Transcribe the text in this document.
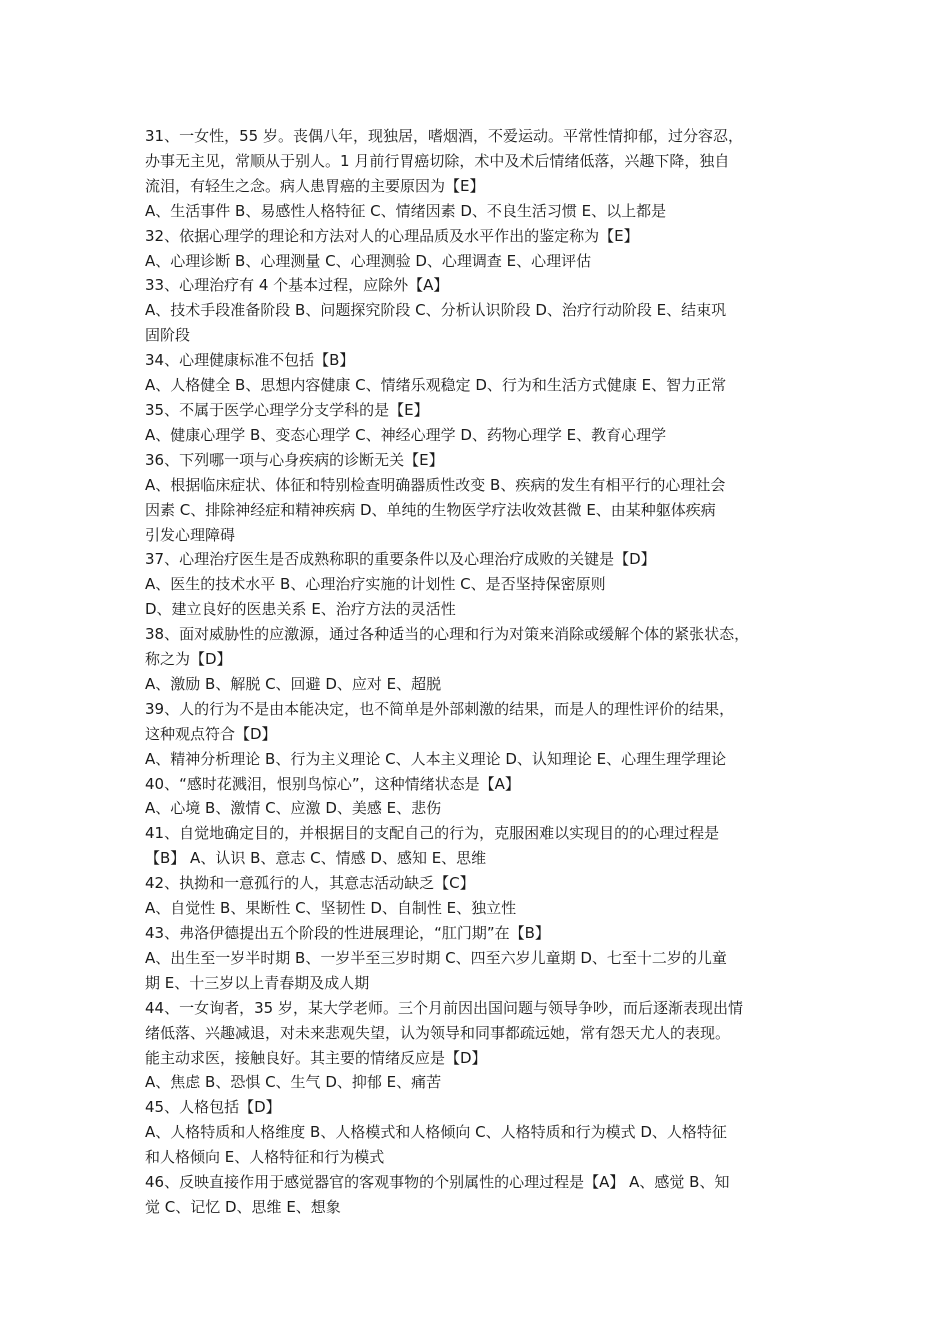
31、一女性，55 岁。丧偶八年，现独居，嗜烟酒，不爱运动。平常性情抑郁，过分容忍，

办事无主见，常顺从于别人。1 月前行胃癌切除，术中及术后情绪低落，兴趣下降，独自

流泪，有轻生之念。病人患胃癌的主要原因为【E】

A、生活事件 B、易感性人格特征 C、情绪因素 D、不良生活习惯 E、以上都是

32、依据心理学的理论和方法对人的心理品质及水平作出的鉴定称为【E】

A、心理诊断 B、心理测量 C、心理测验 D、心理调查 E、心理评估

33、心理治疗有 4 个基本过程，应除外【A】

A、技术手段准备阶段 B、问题探究阶段 C、分析认识阶段 D、治疗行动阶段 E、结束巩

固阶段

34、心理健康标准不包括【B】

A、人格健全 B、思想内容健康 C、情绪乐观稳定 D、行为和生活方式健康 E、智力正常

35、不属于医学心理学分支学科的是【E】

A、健康心理学 B、变态心理学 C、神经心理学 D、药物心理学 E、教育心理学

36、下列哪一项与心身疾病的诊断无关【E】

A、根据临床症状、体征和特别检查明确器质性改变 B、疾病的发生有相平行的心理社会

因素 C、排除神经症和精神疾病 D、单纯的生物医学疗法收效甚微 E、由某种躯体疾病

引发心理障碍

37、心理治疗医生是否成熟称职的重要条件以及心理治疗成败的关键是【D】

A、医生的技术水平 B、心理治疗实施的计划性 C、是否坚持保密原则

D、建立良好的医患关系 E、治疗方法的灵活性

38、面对威胁性的应激源，通过各种适当的心理和行为对策来消除或缓解个体的紧张状态，

称之为【D】

A、激励 B、解脱 C、回避 D、应对 E、超脱

39、人的行为不是由本能决定，也不简单是外部刺激的结果，而是人的理性评价的结果，

这种观点符合【D】

A、精神分析理论 B、行为主义理论 C、人本主义理论 D、认知理论 E、心理生理学理论

40、“感时花溅泪，恨别鸟惊心”，这种情绪状态是【A】

A、心境 B、激情 C、应激 D、美感 E、悲伤

41、自觉地确定目的，并根据目的支配自己的行为，克服困难以实现目的的心理过程是

【B】 A、认识 B、意志 C、情感 D、感知 E、思维

42、执拗和一意孤行的人，其意志活动缺乏【C】

A、自觉性 B、果断性 C、坚韧性 D、自制性 E、独立性

43、弗洛伊德提出五个阶段的性进展理论，“肛门期”在【B】

A、出生至一岁半时期 B、一岁半至三岁时期 C、四至六岁儿童期 D、七至十二岁的儿童

期 E、十三岁以上青春期及成人期

44、一女询者，35 岁，某大学老师。三个月前因出国问题与领导争吵，而后逐渐表现出情

绪低落、兴趣减退，对未来悲观失望，认为领导和同事都疏远她，常有怨天尤人的表现。

能主动求医，接触良好。其主要的情绪反应是【D】

A、焦虑 B、恐惧 C、生气 D、抑郁 E、痛苦

45、人格包括【D】

A、人格特质和人格维度 B、人格模式和人格倾向 C、人格特质和行为模式 D、人格特征

和人格倾向 E、人格特征和行为模式

46、反映直接作用于感觉器官的客观事物的个别属性的心理过程是【A】 A、感觉 B、知

觉 C、记忆 D、思维 E、想象
